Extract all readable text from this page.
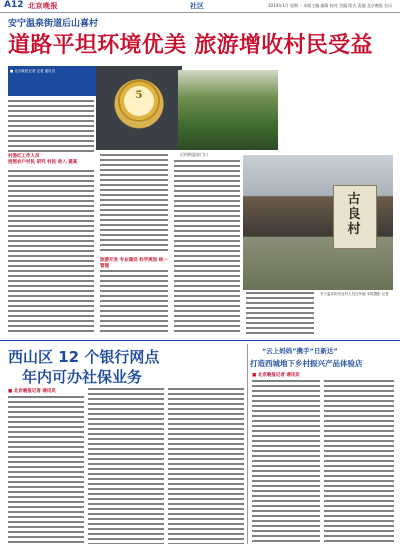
A12 北京晚报	社区	2014年1月 星期一 本版主编 编辑 校对 美编 版式 责编 北京晚报 农历
安宁温泉街道后山喜村
道路平坦环境优美 旅游增收村民受益
■ 北京晚报记者 记者 通讯员
村委红工作人员
按照农户村民 研究 村民 收入 提高
5
后村的温泉门口
旅游开发 专业建设 科学规划 统一管理
古良村
安宁温泉的安良村人员在外地 本报摄影 记者
西山区 12 个银行网点
年内可办社保业务
■ 北京晚报记者 通讯员
“云上妈妈”携手“日新达”
打造西城地下乡村振兴产品体验店
■ 北京晚报记者 通讯员
